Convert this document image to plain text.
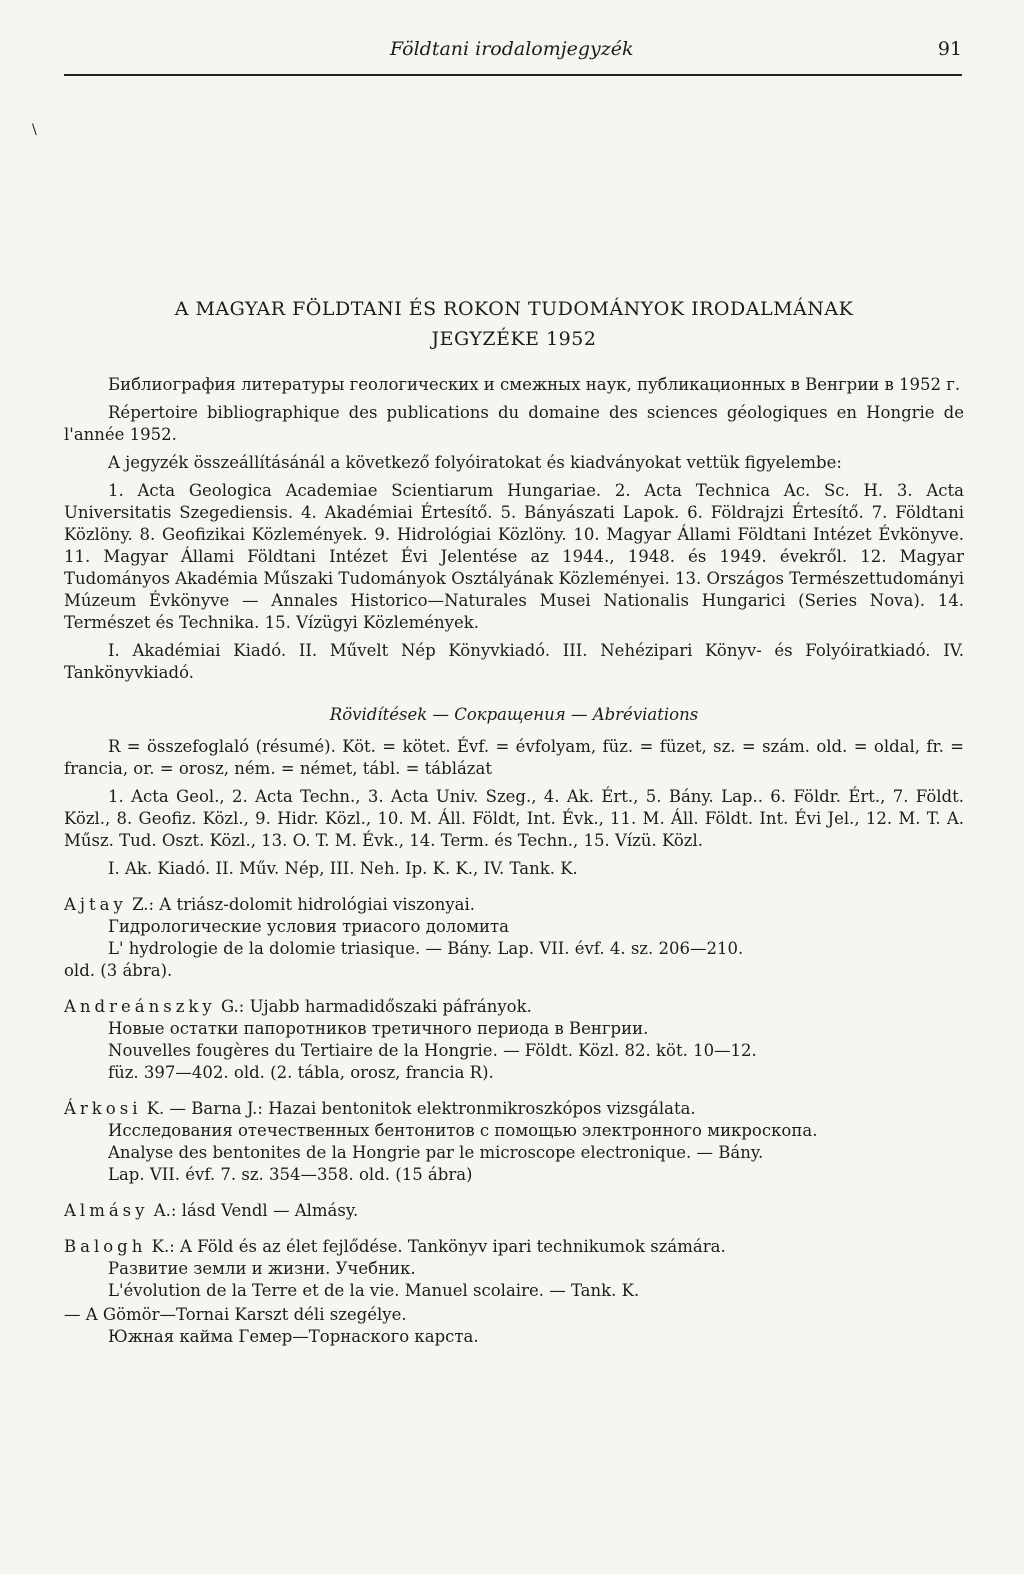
Földtani irodalomjegyzék	91
\
A MAGYAR FÖLDTANI ÉS ROKON TUDOMÁNYOK IRODALMÁNAK
JEGYZÉKE 1952

Библиография литературы геологических и смежных наук, публикационных в Венгрии в 1952 г.

Répertoire bibliographique des publications du domaine des sciences géologiques en Hongrie de l'année 1952.

A jegyzék összeállításánál a következő folyóiratokat és kiadványokat vettük figyelembe:

1. Acta Geologica Academiae Scientiarum Hungariae. 2. Acta Technica Ac. Sc. H. 3. Acta Universitatis Szegediensis. 4. Akadémiai Értesítő. 5. Bányászati Lapok. 6. Földrajzi Értesítő. 7. Földtani Közlöny. 8. Geofizikai Közlemények. 9. Hidrológiai Közlöny. 10. Magyar Állami Földtani Intézet Évkönyve. 11. Magyar Állami Földtani Intézet Évi Jelentése az 1944., 1948. és 1949. évekről. 12. Magyar Tudományos Akadémia Műszaki Tudományok Osztályának Közleményei. 13. Országos Természettudományi Múzeum Évkönyve — Annales Historico—Naturales Musei Nationalis Hungarici (Series Nova). 14. Természet és Technika. 15. Vízügyi Közlemények.

I. Akadémiai Kiadó. II. Művelt Nép Könyvkiadó. III. Nehézipari Könyv- és Folyóiratkiadó. IV. Tankönyvkiadó.

Rövidítések — Сокращения — Abréviations

R = összefoglaló (résumé). Köt. = kötet. Évf. = évfolyam, füz. = füzet, sz. = szám. old. = oldal, fr. = francia, or. = orosz, ném. = német, tábl. = táblázat

1. Acta Geol., 2. Acta Techn., 3. Acta Univ. Szeg., 4. Ak. Ért., 5. Bány. Lap.. 6. Földr. Ért., 7. Földt. Közl., 8. Geofiz. Közl., 9. Hidr. Közl., 10. M. Áll. Földt, Int. Évk., 11. M. Áll. Földt. Int. Évi Jel., 12. M. T. A. Műsz. Tud. Oszt. Közl., 13. O. T. M. Évk., 14. Term. és Techn., 15. Vízü. Közl.

I. Ak. Kiadó. II. Műv. Nép, III. Neh. Ip. K. K., IV. Tank. K.

Ajtay Z.: A triász-dolomit hidrológiai viszonyai.
Гидрологические условия триасого доломита
L' hydrologie de la dolomie triasique. — Bány. Lap. VII. évf. 4. sz. 206—210.
old. (3 ábra).
Andreánszky G.: Ujabb harmadidőszaki páfrányok.
Новые остатки папоротников третичного периода в Венгрии.
Nouvelles fougères du Tertiaire de la Hongrie. — Földt. Közl. 82. köt. 10—12.
füz. 397—402. old. (2. tábla, orosz, francia R).
Árkosi K. — Barna J.: Hazai bentonitok elektronmikroszkópos vizsgálata.
Исследования отечественных бентонитов с помощью электронного микроскопа.
Analyse des bentonites de la Hongrie par le microscope electronique. — Bány.
Lap. VII. évf. 7. sz. 354—358. old. (15 ábra)
Almásy A.: lásd Vendl — Almásy.
Balogh K.: A Föld és az élet fejlődése. Tankönyv ipari technikumok számára.
Развитие земли и жизни. Учебник.
L'évolution de la Terre et de la vie. Manuel scolaire. — Tank. K.
— A Gömör—Tornai Karszt déli szegélye.
Южная кайма Гемер—Торнаского карста.
